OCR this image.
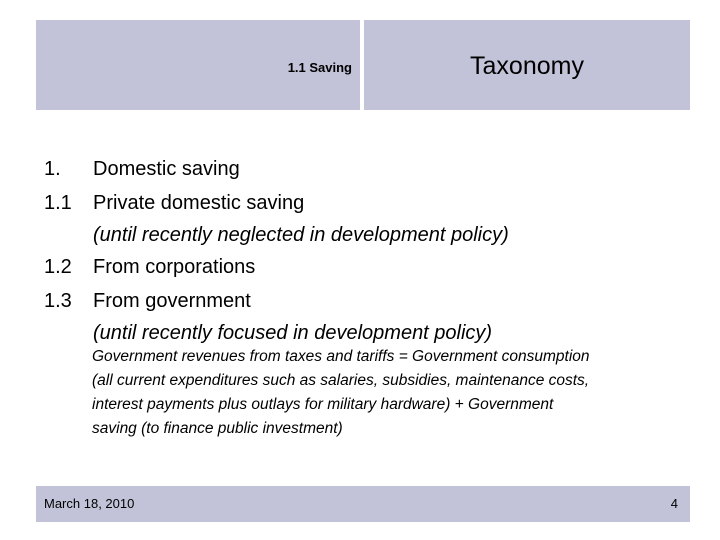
1.1 Saving	Taxonomy
1. Domestic saving
1.1 Private domestic saving
(until recently neglected in development policy)
1.2 From corporations
1.3 From government
(until recently focused in development policy)
Government revenues from taxes and tariffs = Government consumption
(all current expenditures such as salaries, subsidies, maintenance costs,
interest payments plus outlays for military hardware) + Government
saving (to finance public investment)
March 18, 2010	4
